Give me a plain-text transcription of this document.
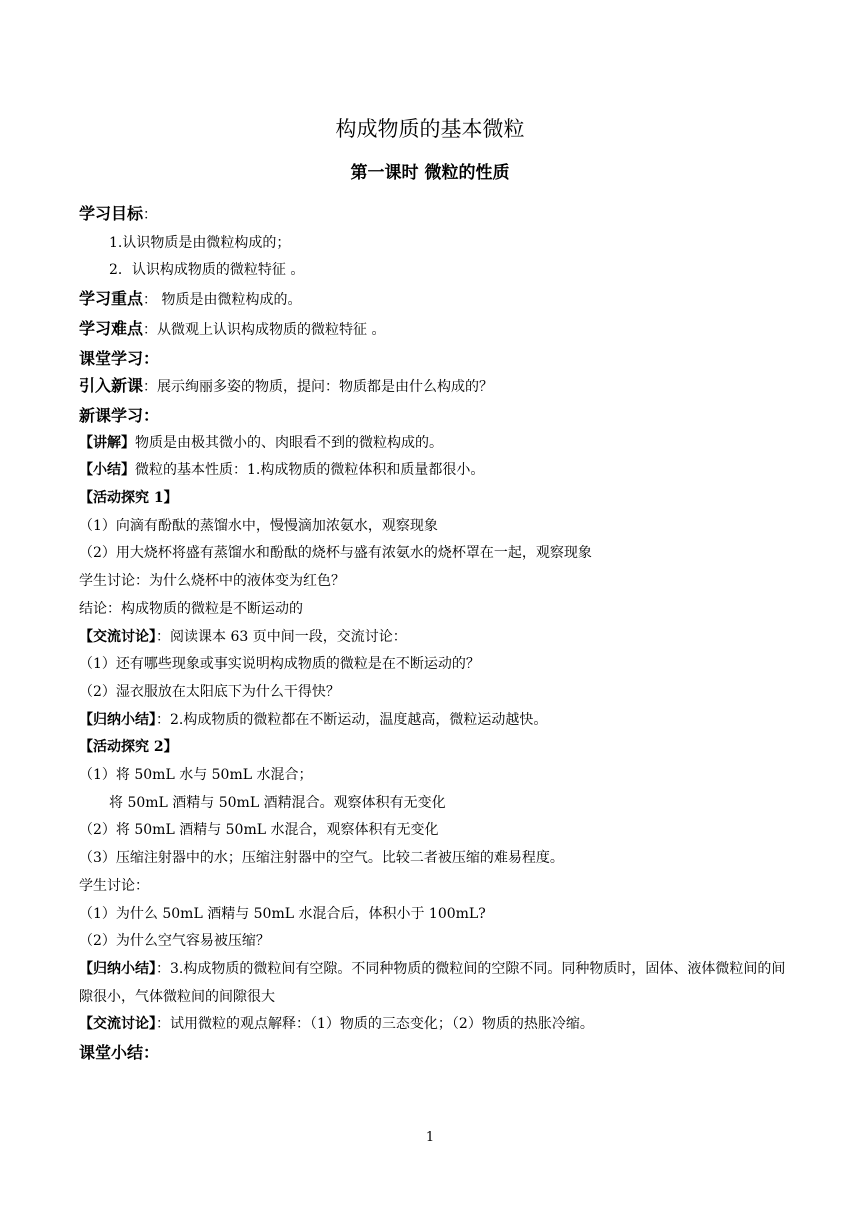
构成物质的基本微粒
第一课时 微粒的性质

学习目标：

1.认识物质是由微粒构成的；

2．认识构成物质的微粒特征 。

学习重点： 物质是由微粒构成的。

学习难点：从微观上认识构成物质的微粒特征 。

课堂学习：

引入新课：展示绚丽多姿的物质，提问：物质都是由什么构成的？

新课学习：

【讲解】物质是由极其微小的、肉眼看不到的微粒构成的。

【小结】微粒的基本性质：1.构成物质的微粒体积和质量都很小。

【活动探究 1】

（1）向滴有酚酞的蒸馏水中，慢慢滴加浓氨水，观察现象

（2）用大烧杯将盛有蒸馏水和酚酞的烧杯与盛有浓氨水的烧杯罩在一起，观察现象

学生讨论：为什么烧杯中的液体变为红色？

结论：构成物质的微粒是不断运动的

【交流讨论】：阅读课本 63 页中间一段，交流讨论：

（1）还有哪些现象或事实说明构成物质的微粒是在不断运动的？

（2）湿衣服放在太阳底下为什么干得快？

【归纳小结】：2.构成物质的微粒都在不断运动，温度越高，微粒运动越快。

【活动探究 2】

（1）将 50mL 水与 50mL 水混合；

将 50mL 酒精与 50mL 酒精混合。观察体积有无变化

（2）将 50mL 酒精与 50mL 水混合，观察体积有无变化

（3）压缩注射器中的水；压缩注射器中的空气。比较二者被压缩的难易程度。

学生讨论：

（1）为什么 50mL 酒精与 50mL 水混合后，体积小于 100mL?

（2）为什么空气容易被压缩？

【归纳小结】：3.构成物质的微粒间有空隙。不同种物质的微粒间的空隙不同。同种物质时，固体、液体微粒间的间隙很小，气体微粒间的间隙很大

【交流讨论】：试用微粒的观点解释：（1）物质的三态变化；（2）物质的热胀冷缩。

课堂小结：

1
